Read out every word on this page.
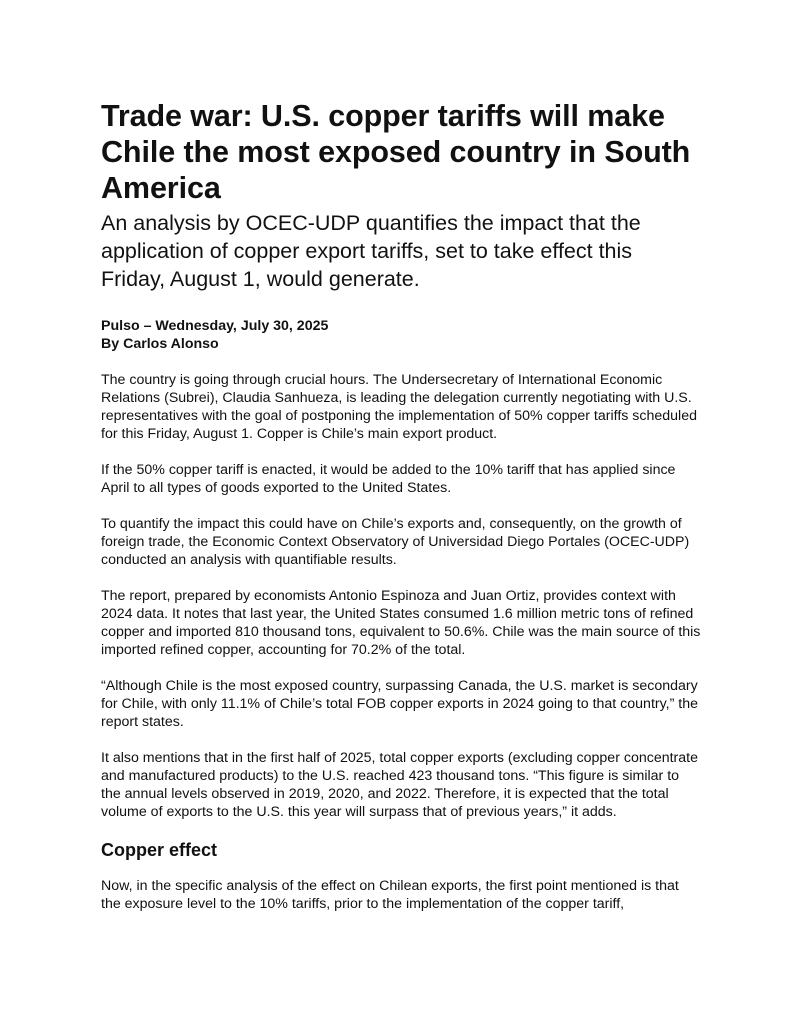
Trade war: U.S. copper tariffs will make Chile the most exposed country in South America

An analysis by OCEC-UDP quantifies the impact that the application of copper export tariffs, set to take effect this Friday, August 1, would generate.

Pulso – Wednesday, July 30, 2025
By Carlos Alonso

The country is going through crucial hours. The Undersecretary of International Economic Relations (Subrei), Claudia Sanhueza, is leading the delegation currently negotiating with U.S. representatives with the goal of postponing the implementation of 50% copper tariffs scheduled for this Friday, August 1. Copper is Chile’s main export product.

If the 50% copper tariff is enacted, it would be added to the 10% tariff that has applied since April to all types of goods exported to the United States.

To quantify the impact this could have on Chile’s exports and, consequently, on the growth of foreign trade, the Economic Context Observatory of Universidad Diego Portales (OCEC-UDP) conducted an analysis with quantifiable results.

The report, prepared by economists Antonio Espinoza and Juan Ortiz, provides context with 2024 data. It notes that last year, the United States consumed 1.6 million metric tons of refined copper and imported 810 thousand tons, equivalent to 50.6%. Chile was the main source of this imported refined copper, accounting for 70.2% of the total.

“Although Chile is the most exposed country, surpassing Canada, the U.S. market is secondary for Chile, with only 11.1% of Chile’s total FOB copper exports in 2024 going to that country,” the report states.

It also mentions that in the first half of 2025, total copper exports (excluding copper concentrate and manufactured products) to the U.S. reached 423 thousand tons. “This figure is similar to the annual levels observed in 2019, 2020, and 2022. Therefore, it is expected that the total volume of exports to the U.S. this year will surpass that of previous years,” it adds.

Copper effect

Now, in the specific analysis of the effect on Chilean exports, the first point mentioned is that the exposure level to the 10% tariffs, prior to the implementation of the copper tariff,
